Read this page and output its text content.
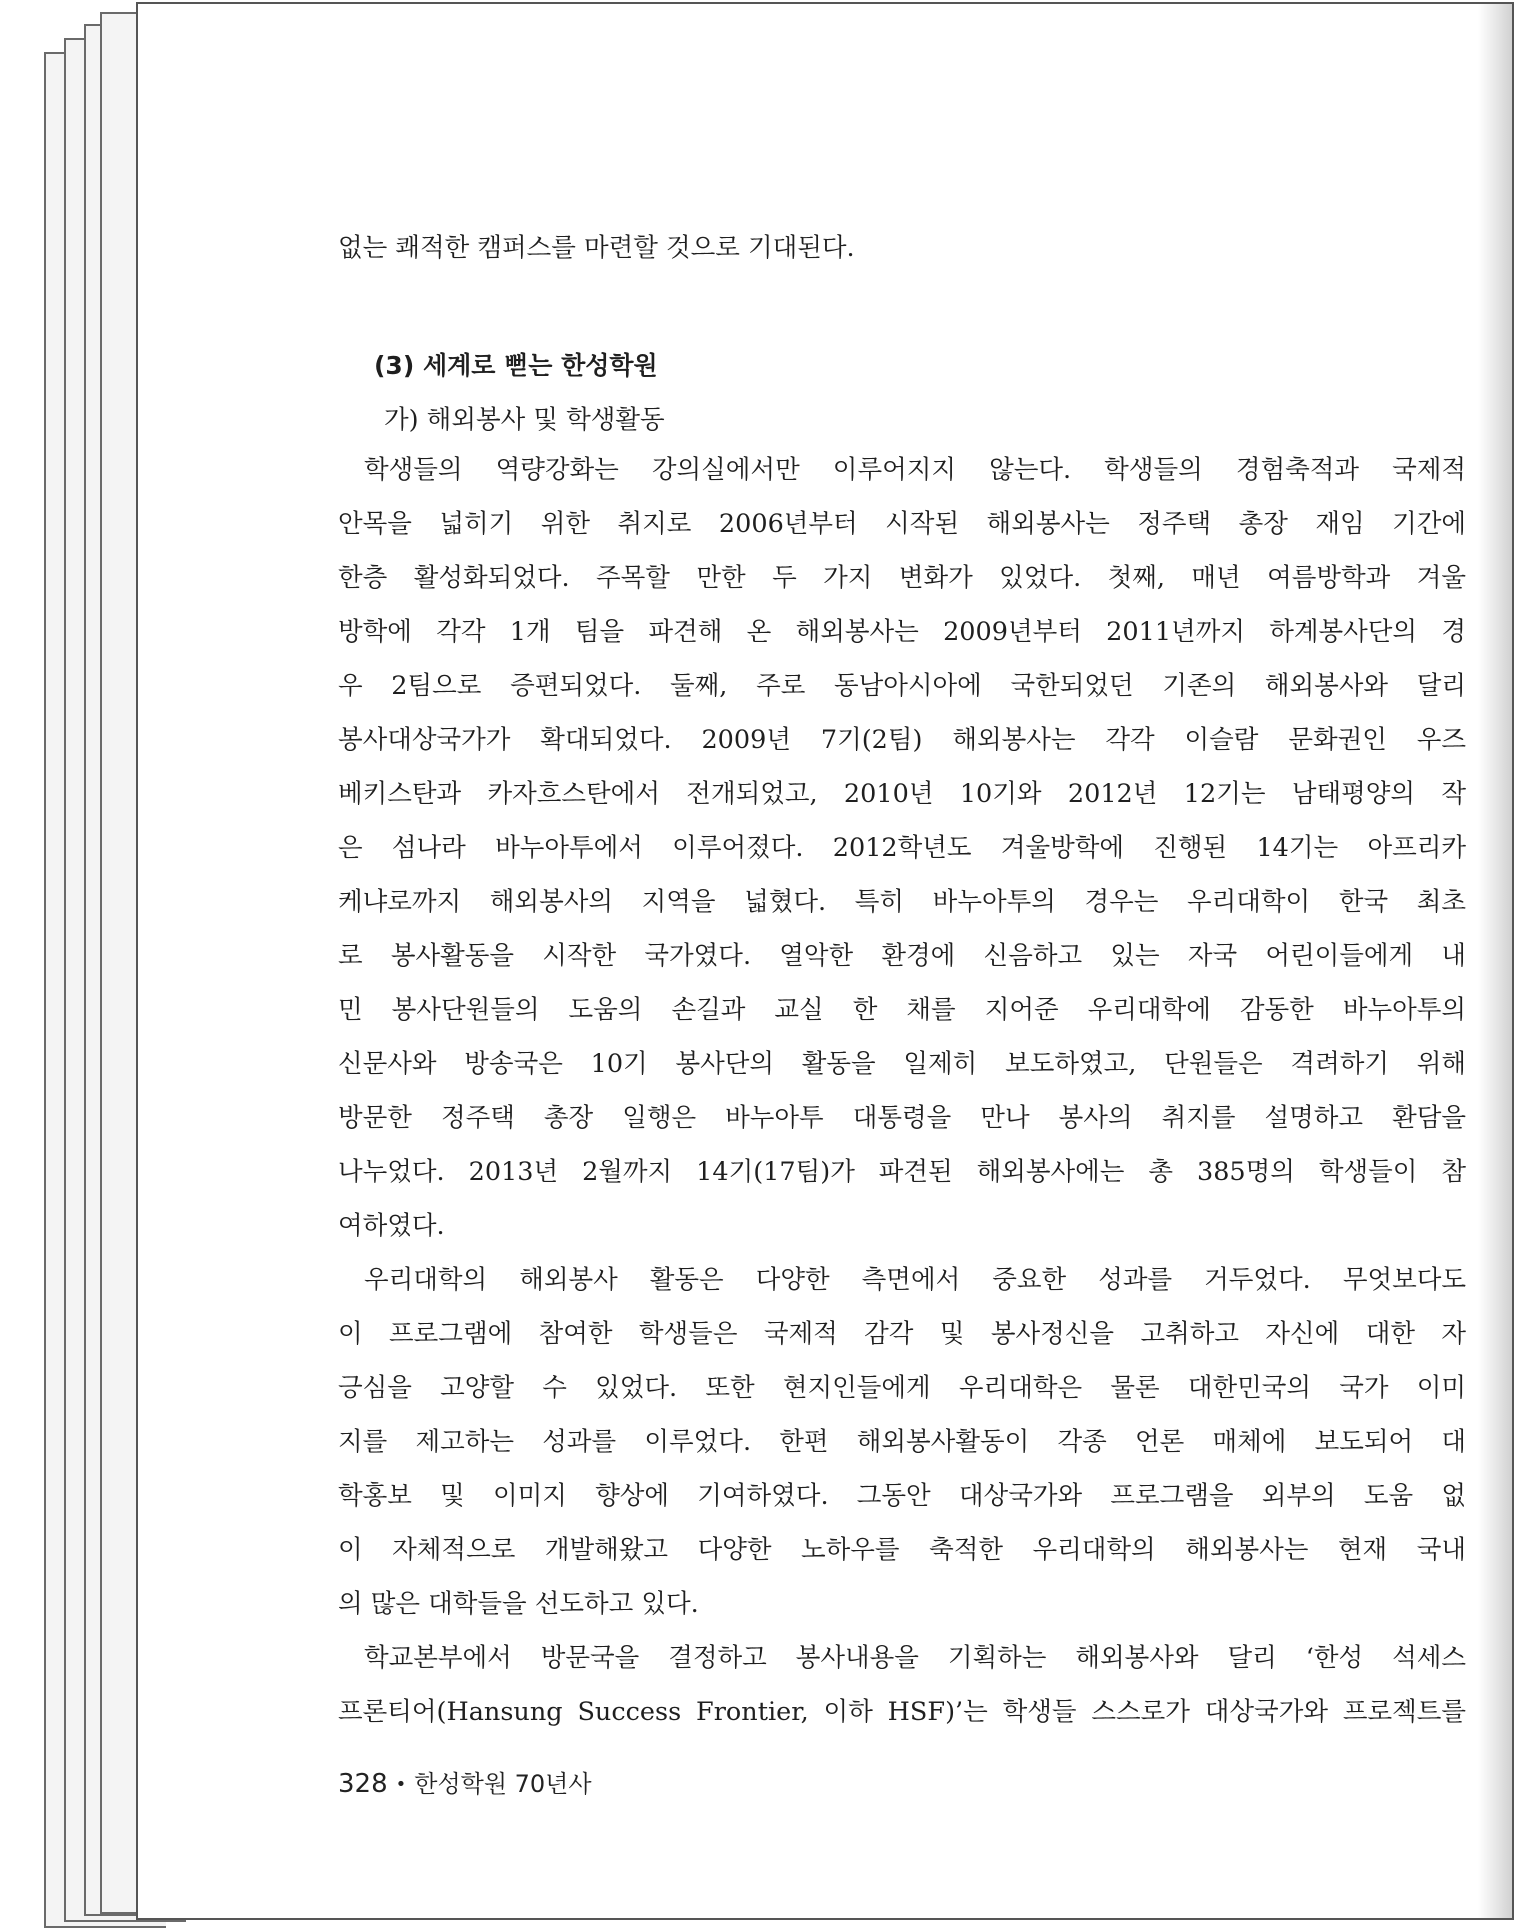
없는 쾌적한 캠퍼스를 마련할 것으로 기대된다.
(3) 세계로 뻗는 한성학원
가) 해외봉사 및 학생활동
학생들의 역량강화는 강의실에서만 이루어지지 않는다. 학생들의 경험축적과 국제적
안목을 넓히기 위한 취지로 2006년부터 시작된 해외봉사는 정주택 총장 재임 기간에
한층 활성화되었다. 주목할 만한 두 가지 변화가 있었다. 첫째, 매년 여름방학과 겨울
방학에 각각 1개 팀을 파견해 온 해외봉사는 2009년부터 2011년까지 하계봉사단의 경
우 2팀으로 증편되었다. 둘째, 주로 동남아시아에 국한되었던 기존의 해외봉사와 달리
봉사대상국가가 확대되었다. 2009년 7기(2팀) 해외봉사는 각각 이슬람 문화권인 우즈
베키스탄과 카자흐스탄에서 전개되었고, 2010년 10기와 2012년 12기는 남태평양의 작
은 섬나라 바누아투에서 이루어졌다. 2012학년도 겨울방학에 진행된 14기는 아프리카
케냐로까지 해외봉사의 지역을 넓혔다. 특히 바누아투의 경우는 우리대학이 한국 최초
로 봉사활동을 시작한 국가였다. 열악한 환경에 신음하고 있는 자국 어린이들에게 내
민 봉사단원들의 도움의 손길과 교실 한 채를 지어준 우리대학에 감동한 바누아투의
신문사와 방송국은 10기 봉사단의 활동을 일제히 보도하였고, 단원들은 격려하기 위해
방문한 정주택 총장 일행은 바누아투 대통령을 만나 봉사의 취지를 설명하고 환담을
나누었다. 2013년 2월까지 14기(17팀)가 파견된 해외봉사에는 총 385명의 학생들이 참
여하였다.
우리대학의 해외봉사 활동은 다양한 측면에서 중요한 성과를 거두었다. 무엇보다도
이 프로그램에 참여한 학생들은 국제적 감각 및 봉사정신을 고취하고 자신에 대한 자
긍심을 고양할 수 있었다. 또한 현지인들에게 우리대학은 물론 대한민국의 국가 이미
지를 제고하는 성과를 이루었다. 한편 해외봉사활동이 각종 언론 매체에 보도되어 대
학홍보 및 이미지 향상에 기여하였다. 그동안 대상국가와 프로그램을 외부의 도움 없
이 자체적으로 개발해왔고 다양한 노하우를 축적한 우리대학의 해외봉사는 현재 국내
의 많은 대학들을 선도하고 있다.
학교본부에서 방문국을 결정하고 봉사내용을 기획하는 해외봉사와 달리 ‘한성 석세스
프론티어(Hansung Success Frontier, 이하 HSF)’는 학생들 스스로가 대상국가와 프로젝트를
328 • 한성학원 70년사
